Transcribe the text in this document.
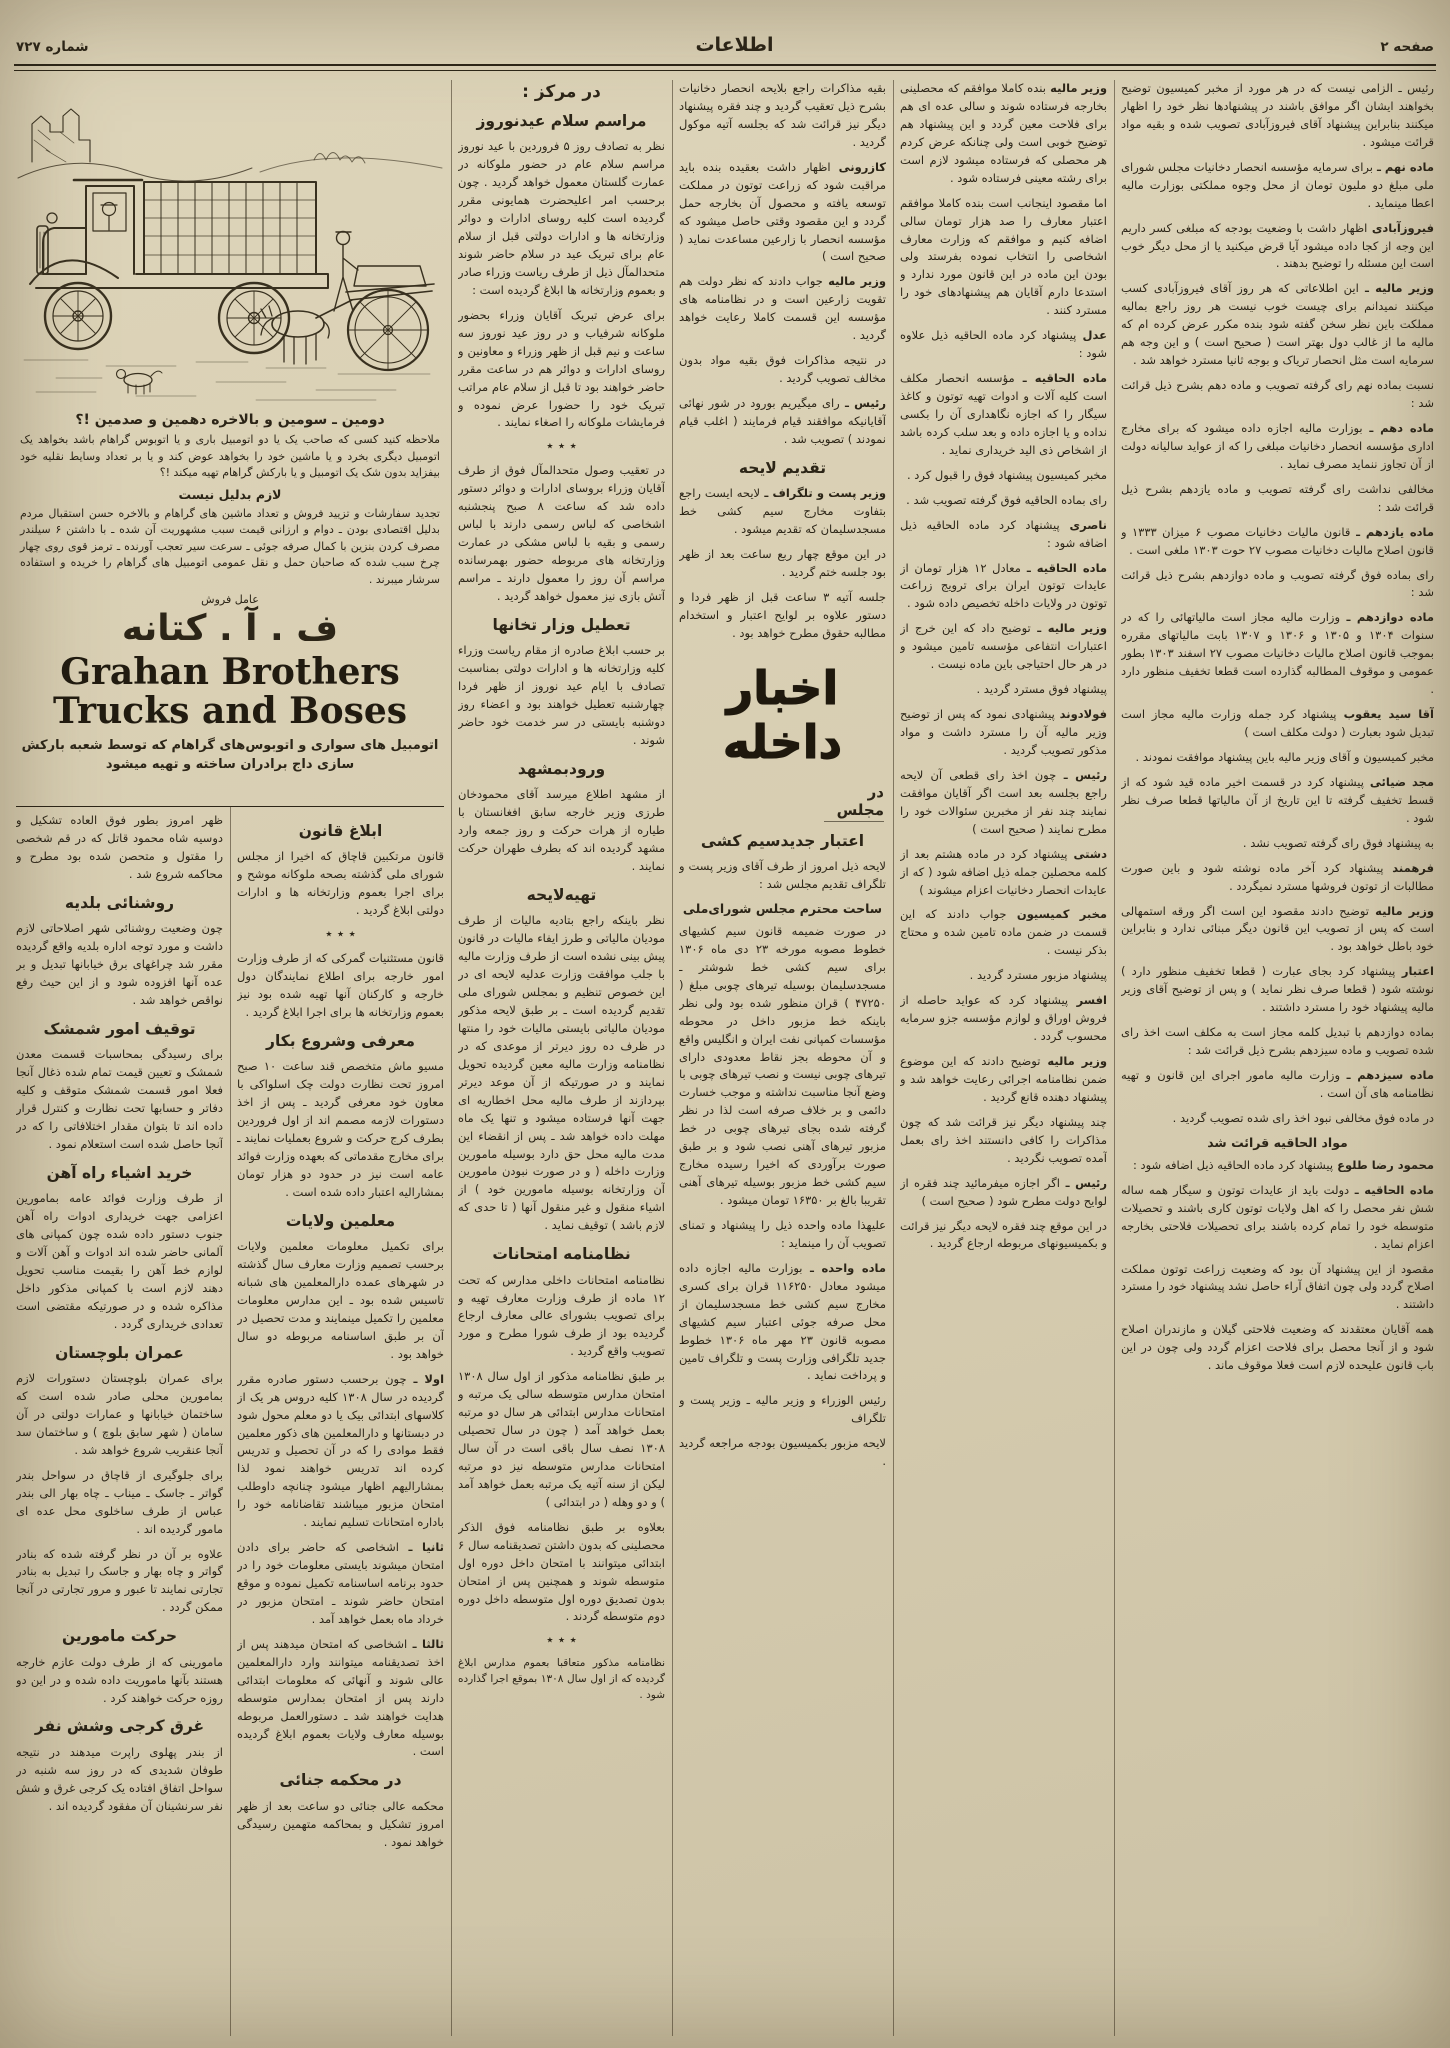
صفحه ۲
اطلاعات
شماره ۷۲۷
دومین ـ سومین و بالاخره دهمین و صدمین !؟
ملاحظه کنید کسی که صاحب یک یا دو اتومبیل باری و یا اتوبوس گراهام باشد بخواهد یک اتومبیل دیگری بخرد و یا ماشین خود را بخواهد عوض کند و یا بر تعداد وسایط نقلیه خود بیفزاید بدون شک یک اتومبیل و یا بارکش گراهام تهیه میکند !؟
لازم بدلیل نیست
تجدید سفارشات و تزیید فروش و تعداد ماشین های گراهام و بالاخره حسن استقبال مردم بدلیل اقتصادی بودن ـ دوام و ارزانی قیمت سبب مشهوریت آن شده ـ با داشتن ۶ سیلندر مصرف کردن بنزین با کمال صرفه جوئی ـ سرعت سیر تعجب آورنده ـ ترمز قوی روی چهار چرخ سبب شده که صاحبان حمل و نقل عمومی اتومبیل های گراهام را خریده و استفاده سرشار میبرند .
عامل فروش
ف . آ . کتانه
Grahan Brothers
Trucks and Boses
اتومبیل های سواری و اتوبوس‌های گراهام که توسط شعبه بارکش سازی داج برادران ساخته و تهیه میشود
رئیس ـ الزامی نیست که در هر مورد از مخبر کمیسیون توضیح بخواهند ایشان اگر موافق باشند در پیشنهادها نظر خود را اظهار میکنند بنابراین پیشنهاد آقای فیروزآبادی تصویب شده و بقیه مواد قرائت میشود .
ماده نهم ـ برای سرمایه مؤسسه انحصار دخانیات مجلس شورای ملی مبلغ دو ملیون تومان از محل وجوه مملکتی بوزارت مالیه اعطا مینماید .
فیروزآبادی اظهار داشت با وضعیت بودجه که مبلغی کسر داریم این وجه از کجا داده میشود آیا قرض میکنید یا از محل دیگر خوب است این مسئله را توضیح بدهند .
وزیر مالیه ـ این اطلاعاتی که هر روز آقای فیروزآبادی کسب میکنند نمیدانم برای چیست خوب نیست هر روز راجع بمالیه مملکت باین نظر سخن گفته شود بنده مکرر عرض کرده ام که مالیه ما از غالب دول بهتر است ( صحیح است ) و این وجه هم سرمایه است مثل انحصار تریاک و بوجه ثانیا مسترد خواهد شد .
نسبت بماده نهم رای گرفته تصویب و ماده دهم بشرح ذیل قرائت شد :
ماده دهم ـ بوزارت مالیه اجازه داده میشود که برای مخارج اداری مؤسسه انحصار دخانیات مبلغی را که از عواید سالیانه دولت از آن تجاوز ننماید مصرف نماید .
مخالفی نداشت رای گرفته تصویب و ماده یازدهم بشرح ذیل قرائت شد :
ماده یازدهم ـ قانون مالیات دخانیات مصوب ۶ میزان ۱۳۳۳ و قانون اصلاح مالیات دخانیات مصوب ۲۷ حوت ۱۳۰۳ ملغی است .
رای بماده فوق گرفته تصویب و ماده دوازدهم بشرح ذیل قرائت شد :
ماده دوازدهم ـ وزارت مالیه مجاز است مالیاتهائی را که در سنوات ۱۳۰۴ و ۱۳۰۵ و ۱۳۰۶ و ۱۳۰۷ بابت مالیاتهای مقرره بموجب قانون اصلاح مالیات دخانیات مصوب ۲۷ اسفند ۱۳۰۳ بطور عمومی و موقوف المطالبه گذارده است قطعا تخفیف منظور دارد .
آقا سید یعقوب پیشنهاد کرد جمله وزارت مالیه مجاز است تبدیل شود بعبارت ( دولت مکلف است )
مخبر کمیسیون و آقای وزیر مالیه باین پیشنهاد موافقت نمودند .
مجد ضیائی پیشنهاد کرد در قسمت اخیر ماده قید شود که از قسط تخفیف گرفته تا این تاریخ از آن مالیاتها قطعا صرف نظر شود .
به پیشنهاد فوق رای گرفته تصویب نشد .
فرهمند پیشنهاد کرد آخر ماده نوشته شود و باین صورت مطالبات از توتون فروشها مسترد نمیگردد .
وزیر مالیه توضیح دادند مقصود این است اگر ورقه استمهالی است که پس از تصویب این قانون دیگر مبنائی ندارد و بنابراین خود باطل خواهد بود .
اعتبار پیشنهاد کرد بجای عبارت ( قطعا تخفیف منظور دارد ) نوشته شود ( قطعا صرف نظر نماید ) و پس از توضیح آقای وزیر مالیه پیشنهاد خود را مسترد داشتند .
بماده دوازدهم با تبدیل کلمه مجاز است به مکلف است اخذ رای شده تصویب و ماده سیزدهم بشرح ذیل قرائت شد :
ماده سیزدهم ـ وزارت مالیه مامور اجرای این قانون و تهیه نظامنامه های آن است .
در ماده فوق مخالفی نبود اخذ رای شده تصویب گردید .
مواد الحاقیه قرائت شد
محمود رضا طلوع پیشنهاد کرد ماده الحاقیه ذیل اضافه شود :
ماده الحاقیه ـ دولت باید از عایدات توتون و سیگار همه ساله شش نفر محصل را که اهل ولایات توتون کاری باشند و تحصیلات متوسطه خود را تمام کرده باشند برای تحصیلات فلاحتی بخارجه اعزام نماید .
مقصود از این پیشنهاد آن بود که وضعیت زراعت توتون مملکت اصلاح گردد ولی چون اتفاق آراء حاصل نشد پیشنهاد خود را مسترد داشتند .
همه آقایان معتقدند که وضعیت فلاحتی گیلان و مازندران اصلاح شود و از آنجا محصل برای فلاحت اعزام گردد ولی چون در این باب قانون علیحده لازم است فعلا موقوف ماند .
وزیر مالیه بنده کاملا موافقم که محصلینی بخارجه فرستاده شوند و سالی عده ای هم برای فلاحت معین گردد و این پیشنهاد هم توضیح خوبی است ولی چنانکه عرض کردم هر محصلی که فرستاده میشود لازم است برای رشته معینی فرستاده شود .
اما مقصود اینجانب است بنده کاملا موافقم اعتبار معارف را صد هزار تومان سالی اضافه کنیم و موافقم که وزارت معارف اشخاصی را انتخاب نموده بفرستد ولی بودن این ماده در این قانون مورد ندارد و استدعا دارم آقایان هم پیشنهادهای خود را مسترد کنند .
عدل پیشنهاد کرد ماده الحاقیه ذیل علاوه شود :
ماده الحاقیه ـ مؤسسه انحصار مکلف است کلیه آلات و ادوات تهیه توتون و کاغذ سیگار را که اجازه نگاهداری آن را بکسی نداده و یا اجازه داده و بعد سلب کرده باشد از اشخاص ذی الید خریداری نماید .
مخبر کمیسیون پیشنهاد فوق را قبول کرد .
رای بماده الحاقیه فوق گرفته تصویب شد .
ناصری پیشنهاد کرد ماده الحاقیه ذیل اضافه شود :
ماده الحاقیه ـ معادل ۱۲ هزار تومان از عایدات توتون ایران برای ترویج زراعت توتون در ولایات داخله تخصیص داده شود .
وزیر مالیه ـ توضیح داد که این خرج از اعتبارات انتفاعی مؤسسه تامین میشود و در هر حال احتیاجی باین ماده نیست .
پیشنهاد فوق مسترد گردید .
فولادوند پیشنهادی نمود که پس از توضیح وزیر مالیه آن را مسترد داشت و مواد مذکور تصویب گردید .
رئیس ـ چون اخذ رای قطعی آن لایحه راجع بجلسه بعد است اگر آقایان موافقت نمایند چند نفر از مخبرین سئوالات خود را مطرح نمایند ( صحیح است )
دشتی پیشنهاد کرد در ماده هشتم بعد از کلمه محصلین جمله ذیل اضافه شود ( که از عایدات انحصار دخانیات اعزام میشوند )
مخبر کمیسیون جواب دادند که این قسمت در ضمن ماده تامین شده و محتاج بذکر نیست .
پیشنهاد مزبور مسترد گردید .
افسر پیشنهاد کرد که عواید حاصله از فروش اوراق و لوازم مؤسسه جزو سرمایه محسوب گردد .
وزیر مالیه توضیح دادند که این موضوع ضمن نظامنامه اجرائی رعایت خواهد شد و پیشنهاد دهنده قانع گردید .
چند پیشنهاد دیگر نیز قرائت شد که چون مذاکرات را کافی دانستند اخذ رای بعمل آمده تصویب نگردید .
رئیس ـ اگر اجازه میفرمائید چند فقره از لوایح دولت مطرح شود ( صحیح است )
در این موقع چند فقره لایحه دیگر نیز قرائت و بکمیسیونهای مربوطه ارجاع گردید .
بقیه مذاکرات راجع بلایحه انحصار دخانیات بشرح ذیل تعقیب گردید و چند فقره پیشنهاد دیگر نیز قرائت شد که بجلسه آتیه موکول گردید .
کازرونی اظهار داشت بعقیده بنده باید مراقبت شود که زراعت توتون در مملکت توسعه یافته و محصول آن بخارجه حمل گردد و این مقصود وقتی حاصل میشود که مؤسسه انحصار با زارعین مساعدت نماید ( صحیح است )
وزیر مالیه جواب دادند که نظر دولت هم تقویت زارعین است و در نظامنامه های مؤسسه این قسمت کاملا رعایت خواهد گردید .
در نتیجه مذاکرات فوق بقیه مواد بدون مخالف تصویب گردید .
رئیس ـ رای میگیریم بورود در شور نهائی آقایانیکه موافقند قیام فرمایند ( اغلب قیام نمودند ) تصویب شد .
تقدیم لایحه
وزیر پست و تلگراف ـ لایحه ایست راجع بتفاوت مخارج سیم کشی خط مسجدسلیمان که تقدیم میشود .
در این موقع چهار ربع ساعت بعد از ظهر بود جلسه ختم گردید .
جلسه آتیه ۳ ساعت قبل از ظهر فردا و دستور علاوه بر لوایح اعتبار و استخدام مطالبه حقوق مطرح خواهد بود .
اخبار داخله
در مجلس
اعتبار جدیدسیم کشی
لایحه ذیل امروز از طرف آقای وزیر پست و تلگراف تقدیم مجلس شد :
ساحت محترم مجلس شورای‌ملی
در صورت ضمیمه قانون سیم کشیهای خطوط مصوبه مورخه ۲۳ دی ماه ۱۳۰۶ برای سیم کشی خط شوشتر ـ مسجدسلیمان بوسیله تیرهای چوبی مبلغ ( ۴۷۲۵۰ ) قران منظور شده بود ولی نظر باینکه خط مزبور داخل در محوطه مؤسسات کمپانی نفت ایران و انگلیس واقع و آن محوطه بجز نقاط معدودی دارای تیرهای چوبی نیست و نصب تیرهای چوبی با وضع آنجا مناسبت نداشته و موجب خسارت دائمی و بر خلاف صرفه است لذا در نظر گرفته شده بجای تیرهای چوبی در خط مزبور تیرهای آهنی نصب شود و بر طبق صورت برآوردی که اخیرا رسیده مخارج سیم کشی خط مزبور بوسیله تیرهای آهنی تقریبا بالغ بر ۱۶۳۵۰ تومان میشود .
علیهذا ماده واحده ذیل را پیشنهاد و تمنای تصویب آن را مینماید :
ماده واحده ـ بوزارت مالیه اجازه داده میشود معادل ۱۱۶۲۵۰ قران برای کسری مخارج سیم کشی خط مسجدسلیمان از محل صرفه جوئی اعتبار سیم کشیهای مصوبه قانون ۲۳ مهر ماه ۱۳۰۶ خطوط جدید تلگرافی وزارت پست و تلگراف تامین و پرداخت نماید .
رئیس الوزراء و وزیر مالیه ـ وزیر پست و تلگراف
لایحه مزبور بکمیسیون بودجه مراجعه گردید .
در مرکز :
مراسم سلام عیدنوروز
نظر به تصادف روز ۵ فروردین با عید نوروز مراسم سلام عام در حضور ملوکانه در عمارت گلستان معمول خواهد گردید . چون برحسب امر اعلیحضرت همایونی مقرر گردیده است کلیه روسای ادارات و دوائر وزارتخانه ها و ادارات دولتی قبل از سلام عام برای تبریک عید در سلام حاضر شوند متحدالمآل ذیل از طرف ریاست وزراء صادر و بعموم وزارتخانه ها ابلاغ گردیده است :
برای عرض تبریک آقایان وزراء بحضور ملوکانه شرفیاب و در روز عید نوروز سه ساعت و نیم قبل از ظهر وزراء و معاونین و روسای ادارات و دوائر هم در ساعت مقرر حاضر خواهند بود تا قبل از سلام عام مراتب تبریک خود را حضورا عرض نموده و فرمایشات ملوکانه را اصغاء نمایند .
٭ ٭ ٭
در تعقیب وصول متحدالمآل فوق از طرف آقایان وزراء بروسای ادارات و دوائر دستور داده شد که ساعت ۸ صبح پنجشنبه اشخاصی که لباس رسمی دارند با لباس رسمی و بقیه با لباس مشکی در عمارت وزارتخانه های مربوطه حضور بهمرسانده مراسم آن روز را معمول دارند ـ مراسم آتش بازی نیز معمول خواهد گردید .
تعطیل وزار تخانها
بر حسب ابلاغ صادره از مقام ریاست وزراء کلیه وزارتخانه ها و ادارات دولتی بمناسبت تصادف با ایام عید نوروز از ظهر فردا چهارشنبه تعطیل خواهند بود و اعضاء روز دوشنبه بایستی در سر خدمت خود حاضر شوند .
ورودبمشهد
از مشهد اطلاع میرسد آقای محمودخان طرزی وزیر خارجه سابق افغانستان با طیاره از هرات حرکت و روز جمعه وارد مشهد گردیده اند که بطرف طهران حرکت نمایند .
تهیه‌لایحه
نظر باینکه راجع بتادیه مالیات از طرف مودیان مالیاتی و طرز ایفاء مالیات در قانون پیش بینی نشده است از طرف وزارت مالیه با جلب موافقت وزارت عدلیه لایحه ای در این خصوص تنظیم و بمجلس شورای ملی تقدیم گردیده است ـ بر طبق لایحه مذکور مودیان مالیاتی بایستی مالیات خود را منتها در ظرف ده روز دیرتر از موعدی که در نظامنامه وزارت مالیه معین گردیده تحویل نمایند و در صورتیکه از آن موعد دیرتر بپردازند از طرف مالیه محل اخطاریه ای جهت آنها فرستاده میشود و تنها یک ماه مهلت داده خواهد شد ـ پس از انقضاء این مدت مالیه محل حق دارد بوسیله مامورین وزارت داخله ( و در صورت نبودن مامورین آن وزارتخانه بوسیله مامورین خود ) از اشیاء منقول و غیر منقول آنها ( تا حدی که لازم باشد ) توقیف نماید .
نظامنامه امتحانات
نظامنامه امتحانات داخلی مدارس که تحت ۱۲ ماده از طرف وزارت معارف تهیه و برای تصویب بشورای عالی معارف ارجاع گردیده بود از طرف شورا مطرح و مورد تصویب واقع گردید .
بر طبق نظامنامه مذکور از اول سال ۱۳۰۸ امتحان مدارس متوسطه سالی یک مرتبه و امتحانات مدارس ابتدائی هر سال دو مرتبه بعمل خواهد آمد ( چون در سال تحصیلی ۱۳۰۸ نصف سال باقی است در آن سال امتحانات مدارس متوسطه نیز دو مرتبه لیکن از سنه آتیه یک مرتبه بعمل خواهد آمد ) و دو وهله ( در ابتدائی )
بعلاوه بر طبق نظامنامه فوق الذکر محصلینی که بدون داشتن تصدیقنامه سال ۶ ابتدائی میتوانند با امتحان داخل دوره اول متوسطه شوند و همچنین پس از امتحان بدون تصدیق دوره اول متوسطه داخل دوره دوم متوسطه گردند .
٭ ٭ ٭
نظامنامه مذکور متعاقبا بعموم مدارس ابلاغ گردیده که از اول سال ۱۳۰۸ بموقع اجرا گذارده شود .
ابلاغ قانون
قانون مرتکبین قاچاق که اخیرا از مجلس شورای ملی گذشته بصحه ملوکانه موشح و برای اجرا بعموم وزارتخانه ها و ادارات دولتی ابلاغ گردید .
٭ ٭ ٭
قانون مستثنیات گمرکی که از طرف وزارت امور خارجه برای اطلاع نمایندگان دول خارجه و کارکنان آنها تهیه شده بود نیز بعموم وزارتخانه ها برای اجرا ابلاغ گردید .
معرفی وشروع بکار
مسیو ماش متخصص قند ساعت ۱۰ صبح امروز تحت نظارت دولت چک اسلواکی با معاون خود معرفی گردید ـ پس از اخذ دستورات لازمه مصمم اند از اول فروردین بطرف کرج حرکت و شروع بعملیات نمایند ـ برای مخارج مقدماتی که بعهده وزارت فوائد عامه است نیز در حدود دو هزار تومان بمشارالیه اعتبار داده شده است .
معلمین ولایات
برای تکمیل معلومات معلمین ولایات برحسب تصمیم وزارت معارف سال گذشته در شهرهای عمده دارالمعلمین های شبانه تاسیس شده بود ـ این مدارس معلومات معلمین را تکمیل مینمایند و مدت تحصیل در آن بر طبق اساسنامه مربوطه دو سال خواهد بود .
اولا ـ چون برحسب دستور صادره مقرر گردیده در سال ۱۳۰۸ کلیه دروس هر یک از کلاسهای ابتدائی بیک یا دو معلم محول شود در دبستانها و دارالمعلمین های ذکور معلمین فقط موادی را که در آن تحصیل و تدریس کرده اند تدریس خواهند نمود لذا بمشارالیهم اظهار میشود چنانچه داوطلب امتحان مزبور میباشند تقاضانامه خود را باداره امتحانات تسلیم نمایند .
ثانیا ـ اشخاصی که حاضر برای دادن امتحان میشوند بایستی معلومات خود را در حدود برنامه اساسنامه تکمیل نموده و موقع امتحان حاضر شوند ـ امتحان مزبور در خرداد ماه بعمل خواهد آمد .
ثالثا ـ اشخاصی که امتحان میدهند پس از اخذ تصدیقنامه میتوانند وارد دارالمعلمین عالی شوند و آنهائی که معلومات ابتدائی دارند پس از امتحان بمدارس متوسطه هدایت خواهند شد ـ دستورالعمل مربوطه بوسیله معارف ولایات بعموم ابلاغ گردیده است .
در محکمه جنائی
محکمه عالی جنائی دو ساعت بعد از ظهر امروز تشکیل و بمحاکمه متهمین رسیدگی خواهد نمود .
ظهر امروز بطور فوق العاده تشکیل و دوسیه شاه محمود قاتل که در قم شخصی را مقتول و متحصن شده بود مطرح و محاکمه شروع شد .
روشنائی بلدیه
چون وضعیت روشنائی شهر اصلاحاتی لازم داشت و مورد توجه اداره بلدیه واقع گردیده مقرر شد چراغهای برق خیابانها تبدیل و بر عده آنها افزوده شود و از این حیث رفع نواقص خواهد شد .
توقیف امور شمشک
برای رسیدگی بمحاسبات قسمت معدن شمشک و تعیین قیمت تمام شده ذغال آنجا فعلا امور قسمت شمشک متوقف و کلیه دفاتر و حسابها تحت نظارت و کنترل قرار داده اند تا بتوان مقدار اختلافاتی را که در آنجا حاصل شده است استعلام نمود .
خرید اشیاء راه آهن
از طرف وزارت فوائد عامه بمامورین اعزامی جهت خریداری ادوات راه آهن جنوب دستور داده شده چون کمپانی های آلمانی حاضر شده اند ادوات و آهن آلات و لوازم خط آهن را بقیمت مناسب تحویل دهند لازم است با کمپانی مذکور داخل مذاکره شده و در صورتیکه مقتضی است تعدادی خریداری گردد .
عمران بلوچستان
برای عمران بلوچستان دستورات لازم بمامورین محلی صادر شده است که ساختمان خیابانها و عمارات دولتی در آن سامان ( شهر سابق بلوچ ) و ساختمان سد آنجا عنقریب شروع خواهد شد .
برای جلوگیری از قاچاق در سواحل بندر گواتر ـ جاسک ـ میناب ـ چاه بهار الی بندر عباس از طرف ساخلوی محل عده ای مامور گردیده اند .
علاوه بر آن در نظر گرفته شده که بنادر گواتر و چاه بهار و جاسک را تبدیل به بنادر تجارتی نمایند تا عبور و مرور تجارتی در آنجا ممکن گردد .
حرکت مامورین
مامورینی که از طرف دولت عازم خارجه هستند بآنها ماموریت داده شده و در این دو روزه حرکت خواهند کرد .
غرق کرجی وشش نفر
از بندر پهلوی راپرت میدهند در نتیجه طوفان شدیدی که در روز سه شنبه در سواحل اتفاق افتاده یک کرجی غرق و شش نفر سرنشینان آن مفقود گردیده اند .
